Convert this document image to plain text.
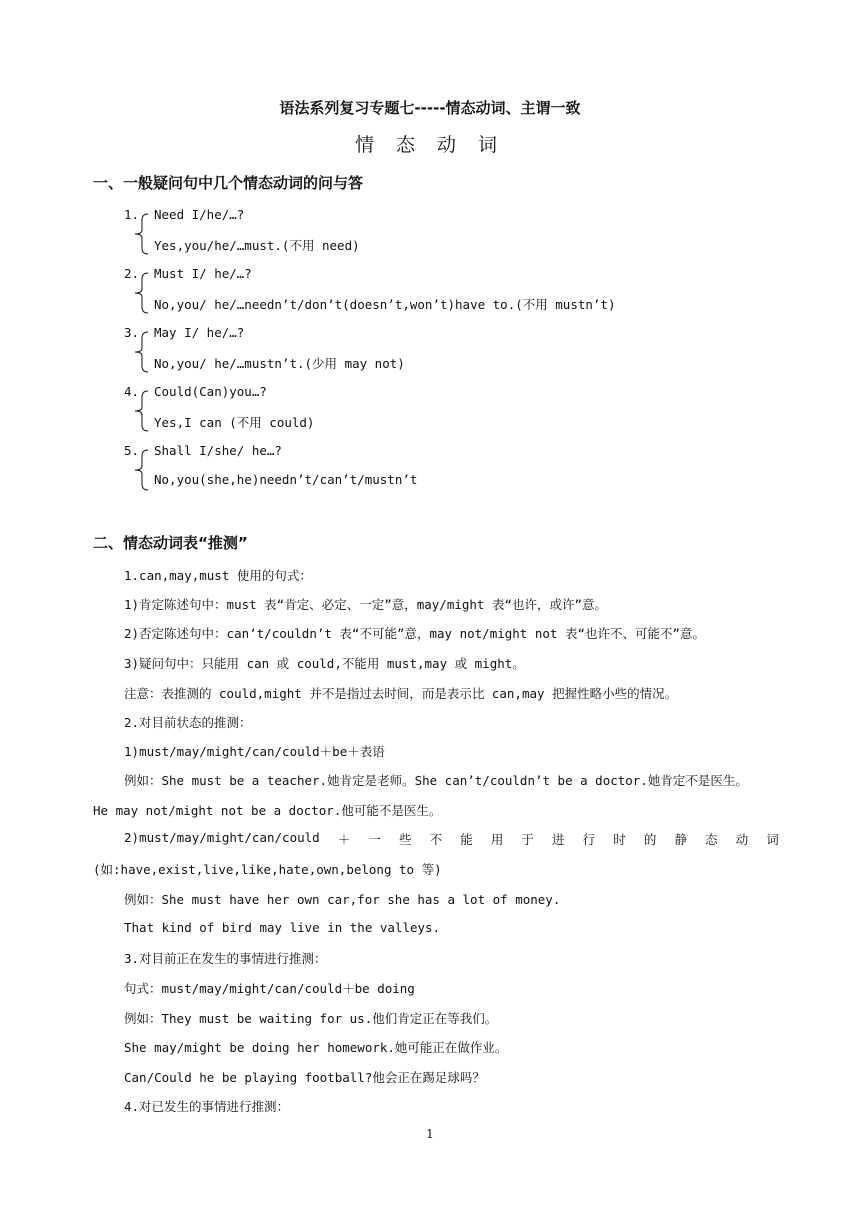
语法系列复习专题七-----情态动词、主谓一致
情 态 动 词
一、一般疑问句中几个情态动词的问与答
1. Need I/he/…?
Yes,you/he/…must.(不用 need)
2. Must I/ he/…?
No,you/ he/…needn’t/don’t(doesn’t,won’t)have to.(不用 mustn’t)
3. May I/ he/…?
No,you/ he/…mustn’t.(少用 may not)
4. Could(Can)you…?
Yes,I can (不用 could)
5. Shall I/she/ he…?
No,you(she,he)needn’t/can’t/mustn’t
二、情态动词表“推测”
1.can,may,must 使用的句式：
1)肯定陈述句中：must 表“肯定、必定、一定”意，may/might 表“也许，或许”意。
2)否定陈述句中：can’t/couldn’t 表“不可能”意，may not/might not 表“也许不、可能不”意。
3)疑问句中：只能用 can 或 could,不能用 must,may 或 might。
注意：表推测的 could,might 并不是指过去时间，而是表示比 can,may 把握性略小些的情况。
2.对目前状态的推测：
1)must/may/might/can/could＋be＋表语
例如：She must be a teacher.她肯定是老师。She can’t/couldn’t be a doctor.她肯定不是医生。
He may not/might not be a doctor.他可能不是医生。
2)must/may/might/can/could ＋ 一 些 不 能 用 于 进 行 时 的 静 态 动 词
(如:have,exist,live,like,hate,own,belong to 等)
例如：She must have her own car,for she has a lot of money.
That kind of bird may live in the valleys.
3.对目前正在发生的事情进行推测：
句式：must/may/might/can/could＋be doing
例如：They must be waiting for us.他们肯定正在等我们。
She may/might be doing her homework.她可能正在做作业。
Can/Could he be playing football?他会正在踢足球吗？
4.对已发生的事情进行推测：
1
